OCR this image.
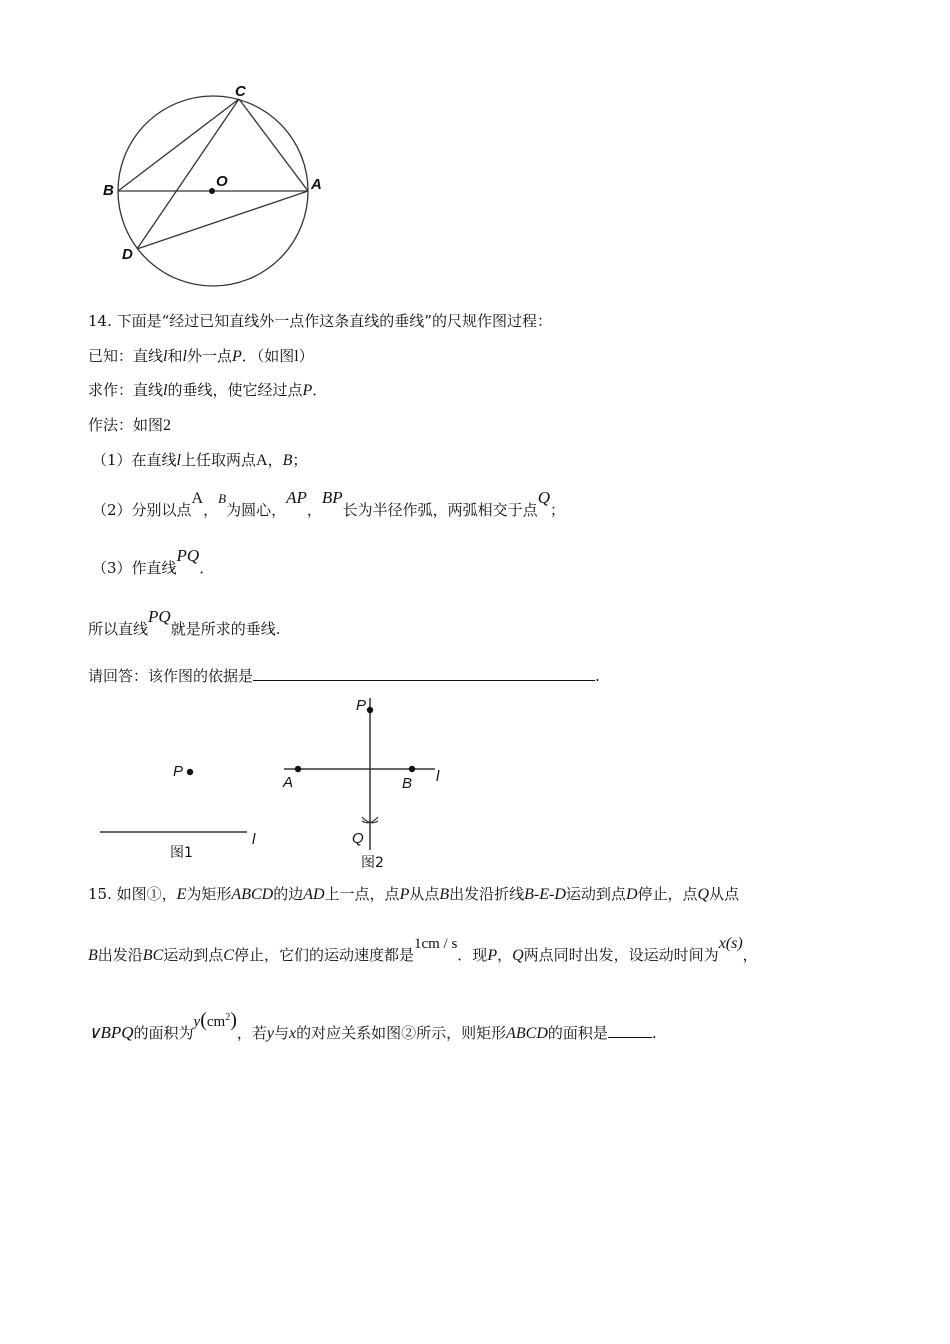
C
B
O	A
D
14. 下面是“经过已知直线外一点作这条直线的垂线”的尺规作图过程：
已知：直线l和l外一点P．（如图l）
求作：直线l的垂线，使它经过点P．
作法：如图2
（1）在直线l上任取两点A，B；
（2）分别以点A，B为圆心，AP，BP长为半径作弧，两弧相交于点Q；
（3）作直线PQ．
所以直线PQ就是所求的垂线.
请回答：该作图的依据是	.
P
l
图1
P
A	B l
Q
图2
15. 如图①，E为矩形ABCD的边AD上一点，点P从点B出发沿折线B-E-D运动到点D停止，点Q从点
B出发沿BC运动到点C停止，它们的运动速度都是1cm / s．现P，Q两点同时出发，设运动时间为x(s)，
∨BPQ的面积为$y(cm^2)$，若y与x的对应关系如图②所示，则矩形ABCD的面积是	.
